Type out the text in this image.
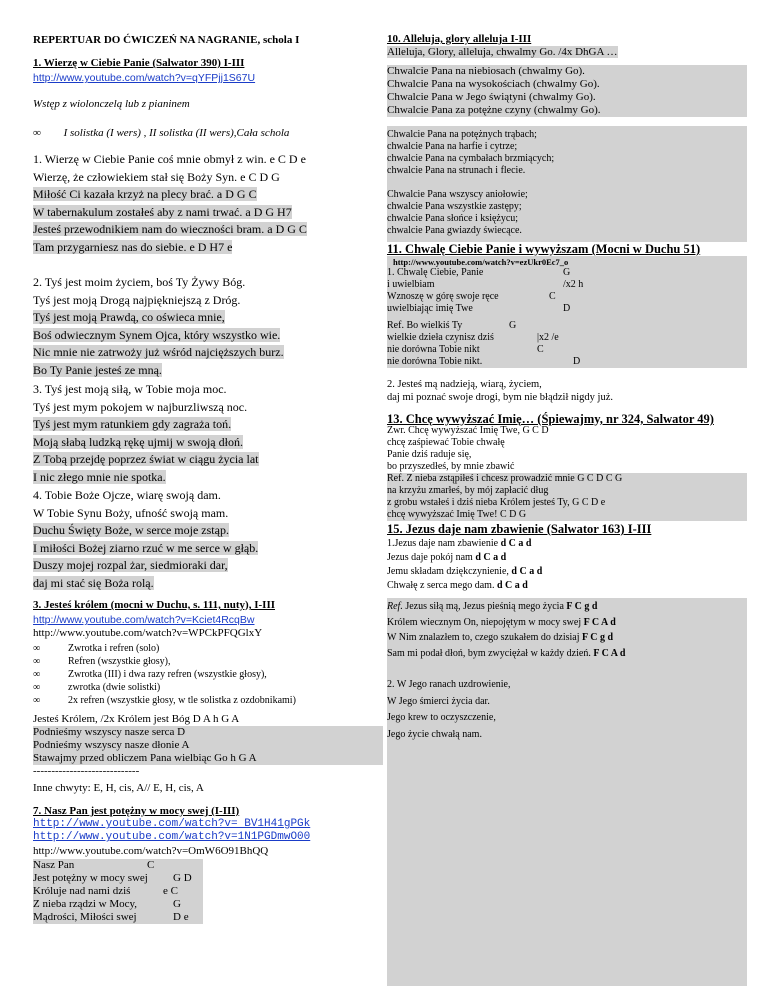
REPERTUAR DO ĆWICZEŃ NA NAGRANIE, schola I
1. Wierzę w Ciebie Panie (Salwator 390) I-III
http://www.youtube.com/watch?v=qYFPjj1S67U
Wstęp z wiolonczelą lub z pianinem
∞ I solistka (I wers) , II solistka (II wers),Cała schola
1. Wierzę w Ciebie Panie coś mnie obmył z win. e C D e
Wierzę, że człowiekiem stał się Boży Syn. e C D G
Miłość Ci kazała krzyż na plecy brać. a D G C
W tabernakulum zostałeś aby z nami trwać. a D G H7
Jesteś przewodnikiem nam do wieczności bram. a D G C
Tam przygarniesz nas do siebie. e D H7 e
2. Tyś jest moim życiem, boś Ty Żywy Bóg.
Tyś jest moją Drogą najpiękniejszą z Dróg.
Tyś jest moją Prawdą, co oświeca mnie,
Boś odwiecznym Synem Ojca, który wszystko wie.
Nic mnie nie zatrwoży już wśród najcięższych burz.
Bo Ty Panie jesteś ze mną.
3. Tyś jest moją siłą, w Tobie moja moc.
Tyś jest mym pokojem w najburzliwszą noc.
Tyś jest mym ratunkiem gdy zagraża toń.
Moją słabą ludzką rękę ujmij w swoją dłoń.
Z Tobą przejdę poprzez świat w ciągu życia lat
I nic złego mnie nie spotka.
4. Tobie Boże Ojcze, wiarę swoją dam.
W Tobie Synu Boży, ufność swoją mam.
Duchu Święty Boże, w serce moje zstąp.
I miłości Bożej ziarno rzuć w me serce w głąb.
Duszy mojej rozpal żar, siedmioraki dar,
daj mi stać się Boża rolą.
3. Jesteś królem (mocni w Duchu, s. 111, nuty), I-III
http://www.youtube.com/watch?v=Kciet4RcqBw
http://www.youtube.com/watch?v=WPCkPFQGlxY
∞	Zwrotka i refren (solo)
∞	Refren (wszystkie głosy),
∞	Zwrotka (III) i dwa razy refren (wszystkie głosy),
∞	zwrotka (dwie solistki)
∞	2x refren (wszystkie głosy, w tle solistka z ozdobnikami)
Jesteś Królem, /2x Królem jest Bóg D A h G A
Podnieśmy wszyscy nasze serca D
Podnieśmy wszyscy nasze dłonie A
Stawajmy przed obliczem Pana wielbiąc Go h G A
-----------------------------
Inne chwyty: E, H, cis, A// E, H, cis, A
7. Nasz Pan jest potężny w mocy swej (I-III)
http://www.youtube.com/watch?v= BV1H41gPGk
http://www.youtube.com/watch?v=1N1PGDmwO00
http://www.youtube.com/watch?v=OmW6O91BhQQ
Nasz Pan	C
Jest potężny w mocy swej G D
Króluje nad nami dziś	e C
Z nieba rządzi w Mocy,	G
Mądrości, Miłości swej	D e
10. Alleluja, glory alleluja I-III
Alleluja, Glory, alleluja, chwalmy Go. /4x DhGA …
Chwalcie Pana na niebiosach (chwalmy Go).
Chwalcie Pana na wysokościach (chwalmy Go).
Chwalcie Pana w Jego świątyni (chwalmy Go).
Chwalcie Pana za potężne czyny (chwalmy Go).
Chwalcie Pana na potężnych trąbach;
chwalcie Pana na harfie i cytrze;
chwalcie Pana na cymbałach brzmiących;
chwalcie Pana na strunach i flecie.
Chwalcie Pana wszyscy aniołowie;
chwalcie Pana wszystkie zastępy;
chwalcie Pana słońce i księżycu;
chwalcie Pana gwiazdy świecące.
11. Chwalę Ciebie Panie i wywyższam (Mocni w Duchu 51)
http://www.youtube.com/watch?v=ezUkr0Ec7_o
1. Chwalę Ciebie, Panie	G
i uwielbiam	/x2 h
Wznoszę w górę swoje ręce	C
uwielbiając imię Twe	D
Ref. Bo wielkiś Ty	G
wielkie dzieła czynisz dziś	|x2 /e
nie dorówna Tobie nikt	C
nie dorówna Tobie nikt.	D
2. Jesteś mą nadzieją, wiarą, życiem,
daj mi poznać swoje drogi, bym nie błądził nigdy już.
13. Chcę wywyższać Imię… (Śpiewajmy, nr 324, Salwator 49)
Zwr. Chcę wywyższać Imię Twe, G C D
chcę zaśpiewać Tobie chwałę
Panie dziś raduje się,
bo przyszedłeś, by mnie zbawić
Ref. Z nieba zstąpiłeś i chcesz prowadzić mnie G C D C G
na krzyżu zmarłeś, by mój zapłacić dług
z grobu wstałeś i dziś nieba Królem jesteś Ty, G C D e
chcę wywyższać Imię Twe! C D G
15. Jezus daje nam zbawienie (Salwator 163) I-III
1.Jezus daje nam zbawienie d C a d
Jezus daje pokój nam d C a d
Jemu składam dziękczynienie, d C a d
Chwałę z serca mego dam. d C a d
Ref. Jezus siłą mą, Jezus pieśnią mego życia F C g d
Królem wiecznym On, niepojętym w mocy swej F C A d
W Nim znalazłem to, czego szukałem do dzisiaj F C g d
Sam mi podał dłoń, bym zwyciężał w każdy dzień. F C A d
2. W Jego ranach uzdrowienie,
W Jego śmierci życia dar.
Jego krew to oczyszczenie,
Jego życie chwałą nam.
